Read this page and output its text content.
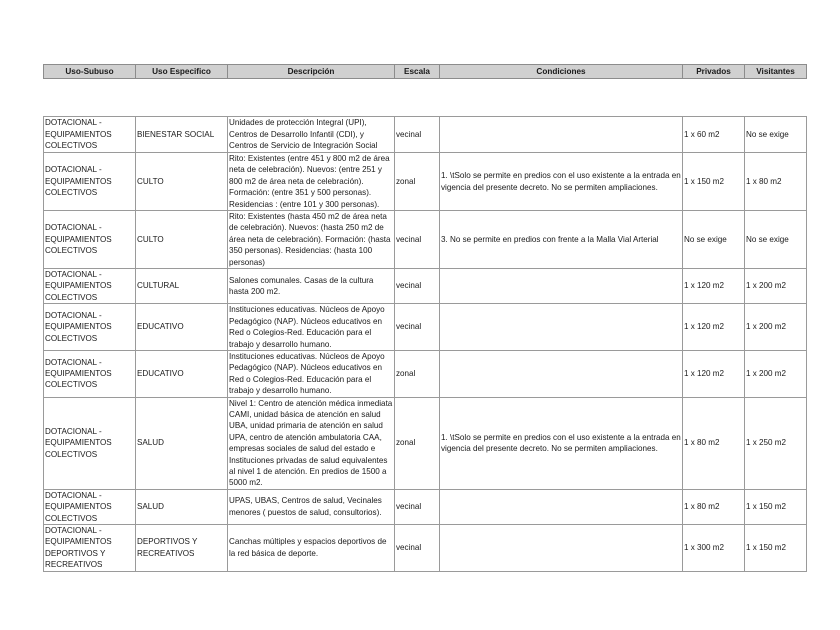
Uso-Subuso	Uso Especifico	Descripción	Escala	Condiciones	Privados	Visitantes
DOTACIONAL - EQUIPAMIENTOS COLECTIVOS	BIENESTAR SOCIAL	Unidades de protección Integral (UPI), Centros de Desarrollo Infantil (CDI), y Centros de Servicio de Integración Social	vecinal		1 x 60 m2	No se exige
DOTACIONAL - EQUIPAMIENTOS COLECTIVOS	CULTO	Rito: Existentes (entre 451 y 800 m2 de área neta de celebración). Nuevos: (entre 251 y 800 m2 de área neta de celebración). Formación: (entre 351 y 500 personas). Residencias : (entre 101 y 300 personas).	zonal	1. \tSolo se permite en predios con el uso existente a la entrada en vigencia del presente decreto. No se permiten ampliaciones.	1 x 150 m2	1 x 80 m2
DOTACIONAL - EQUIPAMIENTOS COLECTIVOS	CULTO	Rito: Existentes (hasta 450 m2 de área neta de celebración). Nuevos: (hasta 250 m2 de área neta de celebración). Formación: (hasta 350 personas). Residencias: (hasta 100 personas)	vecinal	3. No se permite en predios con frente a la Malla Vial Arterial	No se exige	No se exige
DOTACIONAL - EQUIPAMIENTOS COLECTIVOS	CULTURAL	Salones comunales. Casas de la cultura hasta 200 m2.	vecinal		1 x 120 m2	1 x 200 m2
DOTACIONAL - EQUIPAMIENTOS COLECTIVOS	EDUCATIVO	Instituciones educativas. Núcleos de Apoyo Pedagógico (NAP). Núcleos educativos en Red o Colegios-Red. Educación para el trabajo y desarrollo humano.	vecinal		1 x 120 m2	1 x 200 m2
DOTACIONAL - EQUIPAMIENTOS COLECTIVOS	EDUCATIVO	Instituciones educativas. Núcleos de Apoyo Pedagógico (NAP). Núcleos educativos en Red o Colegios-Red. Educación para el trabajo y desarrollo humano.	zonal		1 x 120 m2	1 x 200 m2
DOTACIONAL - EQUIPAMIENTOS COLECTIVOS	SALUD	Nivel 1: Centro de atención médica inmediata CAMI, unidad básica de atención en salud UBA, unidad primaria de atención en salud UPA, centro de atención ambulatoria CAA, empresas sociales de salud del estado e Instituciones privadas de salud equivalentes al nivel 1 de atención. En predios de 1500 a 5000 m2.	zonal	1. \tSolo se permite en predios con el uso existente a la entrada en vigencia del presente decreto. No se permiten ampliaciones.	1 x 80 m2	1 x 250 m2
DOTACIONAL - EQUIPAMIENTOS COLECTIVOS	SALUD	UPAS, UBAS, Centros de salud, Vecinales menores ( puestos de salud, consultorios).	vecinal		1 x 80 m2	1 x 150 m2
DOTACIONAL - EQUIPAMIENTOS DEPORTIVOS Y RECREATIVOS	DEPORTIVOS Y RECREATIVOS	Canchas múltiples y espacios deportivos de la red básica de deporte.	vecinal		1 x 300 m2	1 x 150 m2
